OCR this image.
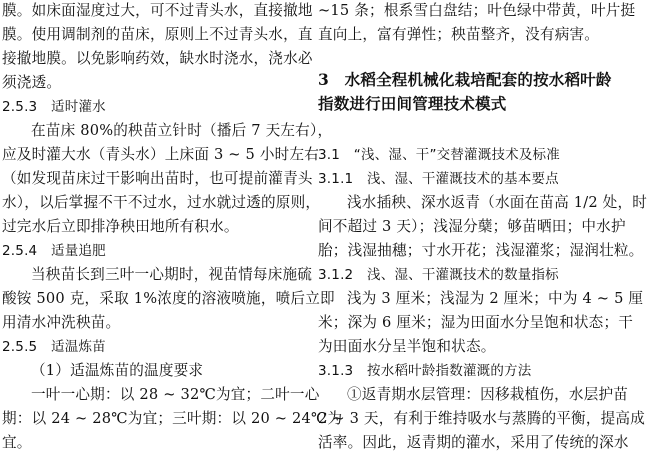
膜。如床面湿度过大，可不过青头水，直接撤地
膜。使用调制剂的苗床，原则上不过青头水，直
接撤地膜。以免影响药效，缺水时浇水，浇水必
须浇透。
2.5.3　适时灌水
在苗床 80%的秧苗立针时（播后 7 天左右），
应及时灌大水（青头水）上床面 3 ~ 5 小时左右
（如发现苗床过干影响出苗时，也可提前灌青头
水），以后掌握不干不过水，过水就过透的原则，
过完水后立即排净秧田地所有积水。
2.5.4　适量追肥
当秧苗长到三叶一心期时，视苗情每床施硫
酸铵 500 克，采取 1%浓度的溶液喷施，喷后立即
用清水冲洗秧苗。
2.5.5　适温炼苗
（1）适温炼苗的温度要求
一叶一心期：以 28 ~ 32℃为宜；二叶一心
期：以 24 ~ 28℃为宜；三叶期：以 20 ~ 24℃为
宜。
~15 条；根系雪白盘结；叶色绿中带黄，叶片挺
直向上，富有弹性；秧苗整齐，没有病害。
3　水稻全程机械化栽培配套的按水稻叶龄
指数进行田间管理技术模式
3.1　“浅、湿、干”交替灌溉技术及标准
3.1.1　浅、湿、干灌溉技术的基本要点
浅水插秧、深水返青（水面在苗高 1/2 处，时
间不超过 3 天）；浅湿分蘖；够苗晒田；中水护
胎；浅湿抽穗；寸水开花；浅湿灌浆；湿润壮粒。
3.1.2　浅、湿、干灌溉技术的数量指标
浅为 3 厘米；浅湿为 2 厘米；中为 4 ~ 5 厘
米；深为 6 厘米；湿为田面水分呈饱和状态；干
为田面水分呈半饱和状态。
3.1.3　按水稻叶龄指数灌溉的方法
①返青期水层管理：因移栽植伤，水层护苗
2 ~ 3 天，有利于维持吸水与蒸腾的平衡，提高成
活率。因此，返青期的灌水，采用了传统的深水
